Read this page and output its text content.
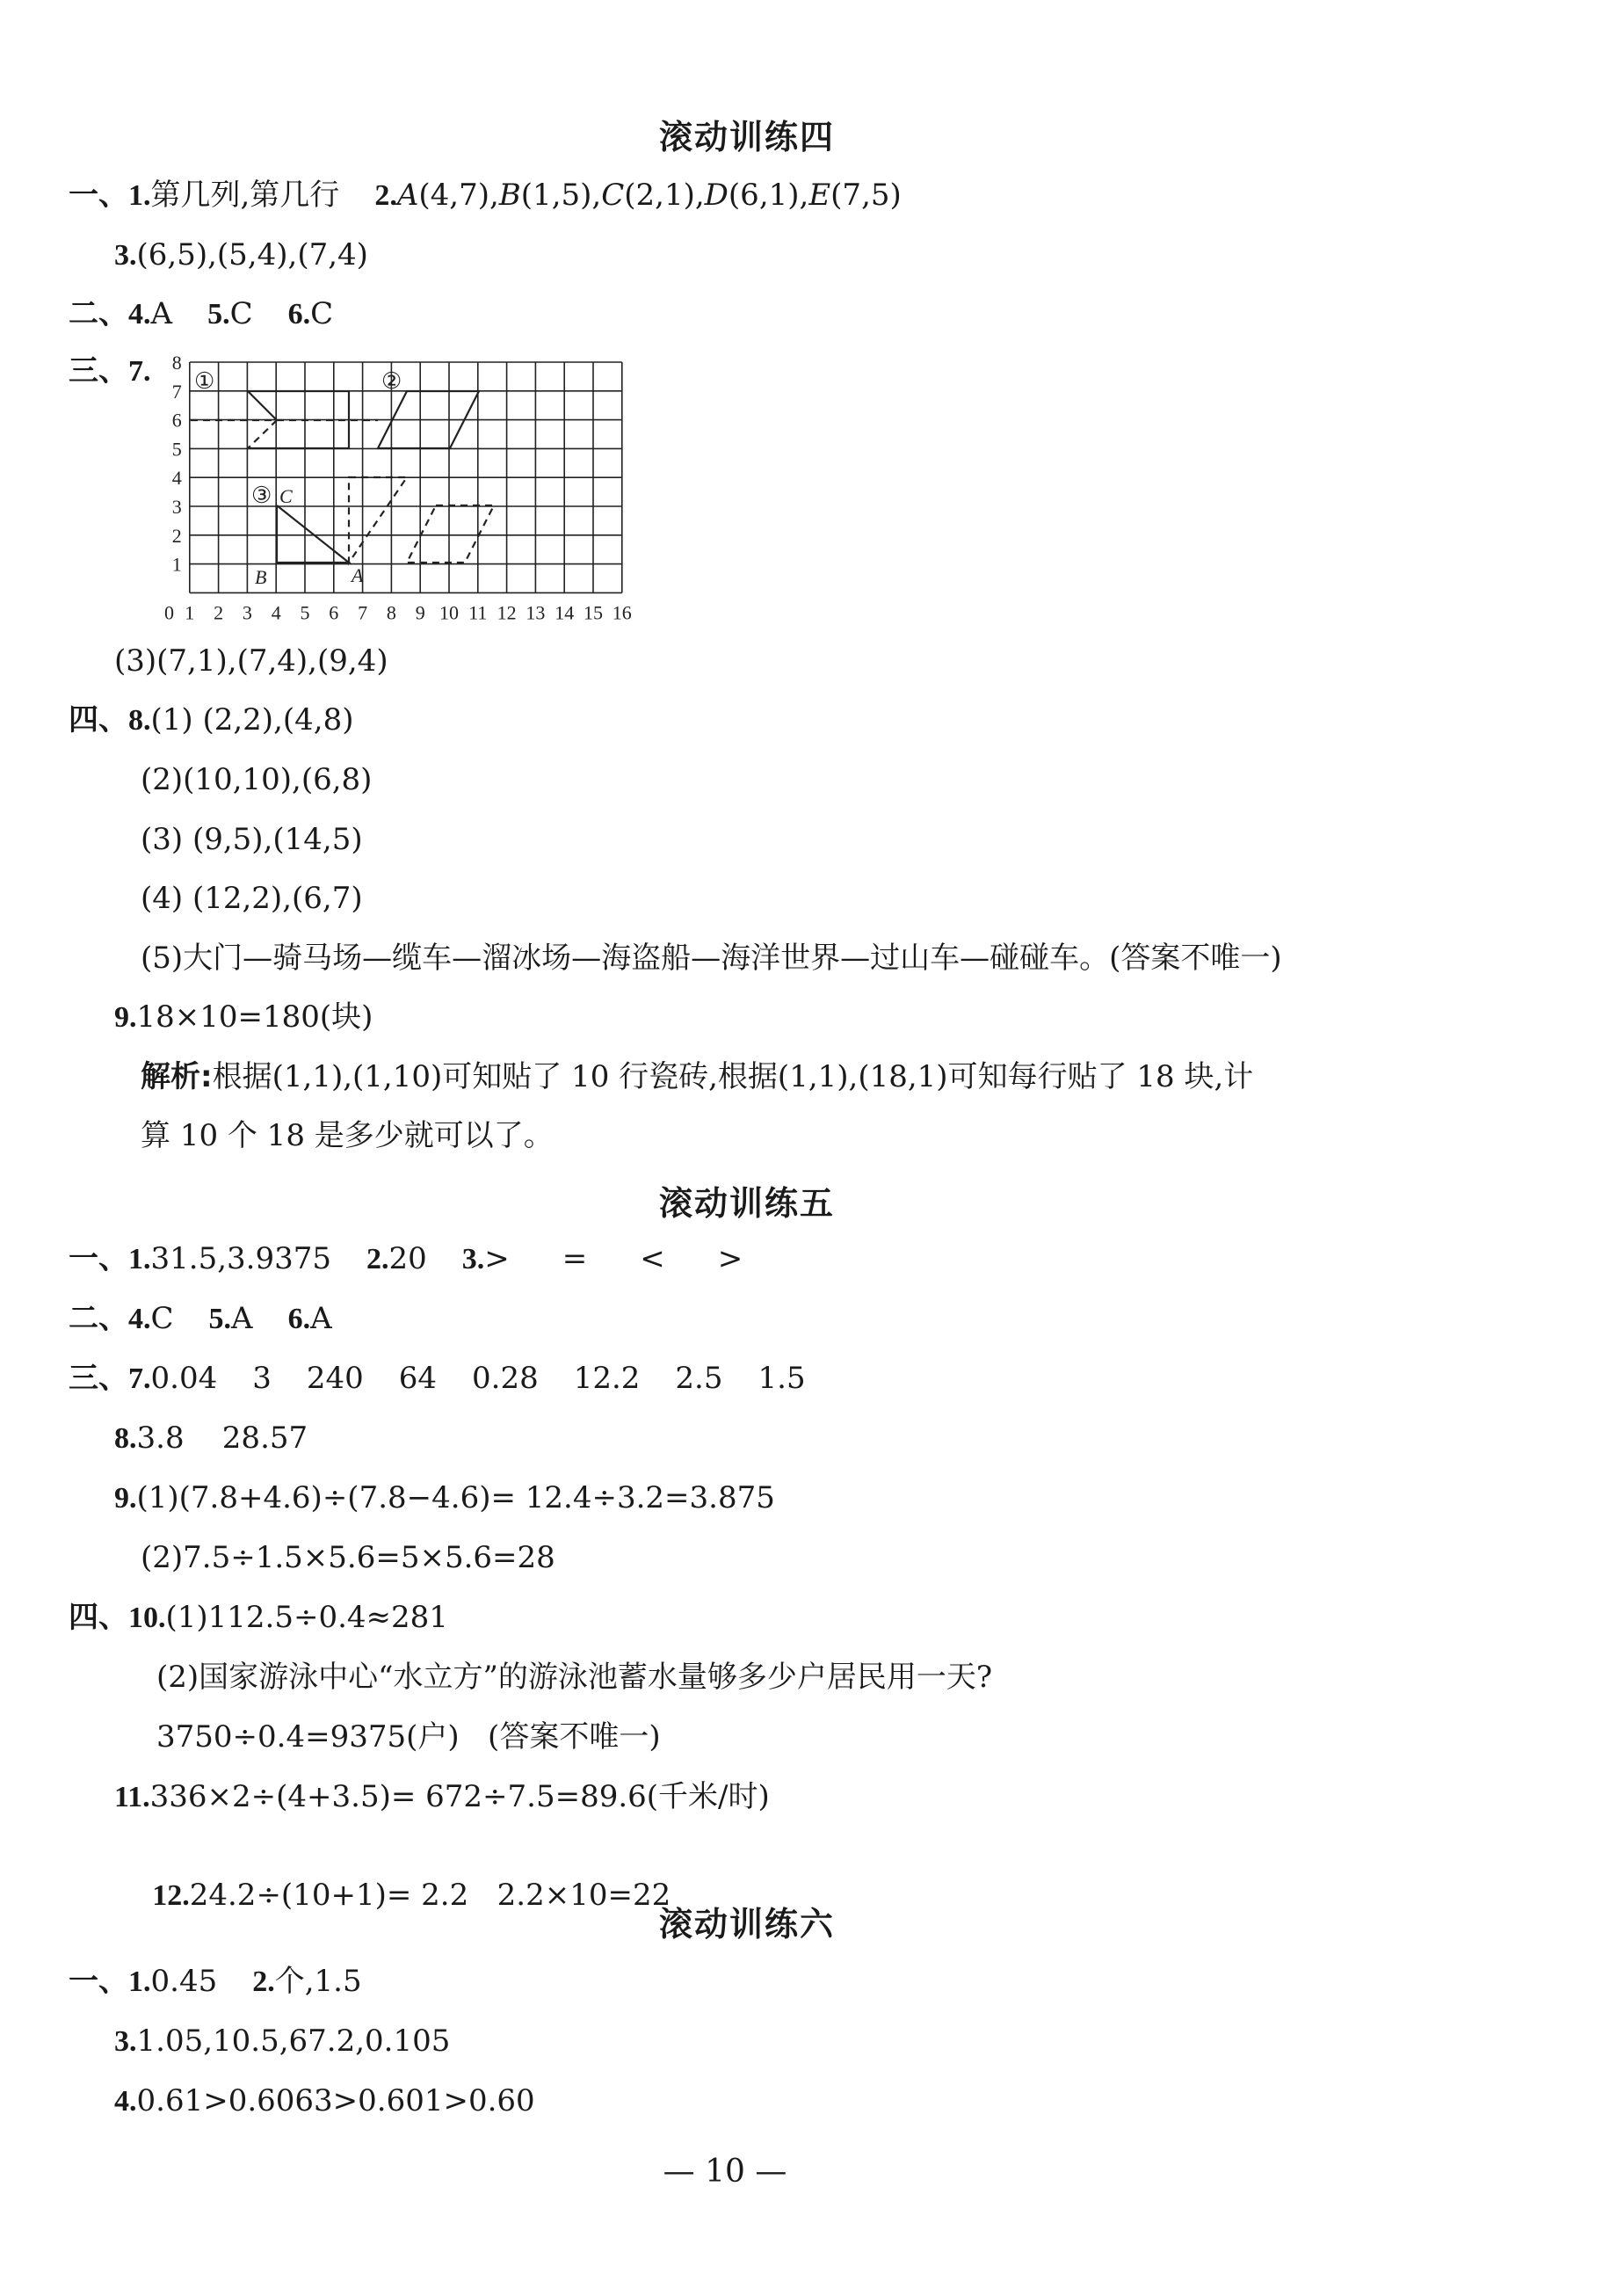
滚动训练四
一、1.第几列,第几行 2.A(4,7),B(1,5),C(2,1),D(6,1),E(7,5)
3.(6,5),(5,4),(7,4)
二、4.A 5.C 6.C
三、7.
1
2
3
4
5
6
7
8
0 1 2 3 4 5 6 7 8 9 10 11 12 13 14 15 16
①	②
③ C
B	A
(3)(7,1),(7,4),(9,4)
四、8.(1) (2,2),(4,8)
(2)(10,10),(6,8)
(3) (9,5),(14,5)
(4) (12,2),(6,7)
(5)大门—骑马场—缆车—溜冰场—海盗船—海洋世界—过山车—碰碰车。(答案不唯一)
9.18×10=180(块)
解析:根据(1,1),(1,10)可知贴了 10 行瓷砖,根据(1,1),(18,1)可知每行贴了 18 块,计
算 10 个 18 是多少就可以了。
滚动训练五
一、1.31.5,3.9375 2.20 3.> = < >
二、4.C 5.A 6.A
三、7.0.04 3 240 64 0.28 12.2 2.5 1.5
8.3.8    28.57
9.(1)(7.8+4.6)÷(7.8−4.6)= 12.4÷3.2=3.875
(2)7.5÷1.5×5.6=5×5.6=28
四、10.(1)112.5÷0.4≈281
(2)国家游泳中心“水立方”的游泳池蓄水量够多少户居民用一天?
3750÷0.4=9375(户)   (答案不唯一)
11.336×2÷(4+3.5)= 672÷7.5=89.6(千米/时)

12.24.2÷(10+1)= 2.2   2.2×10=22

滚动训练六
一、1.0.45 2.个,1.5
3.1.05,10.5,67.2,0.105
4.0.61>0.6063>0.601>0.60
— 10 —
